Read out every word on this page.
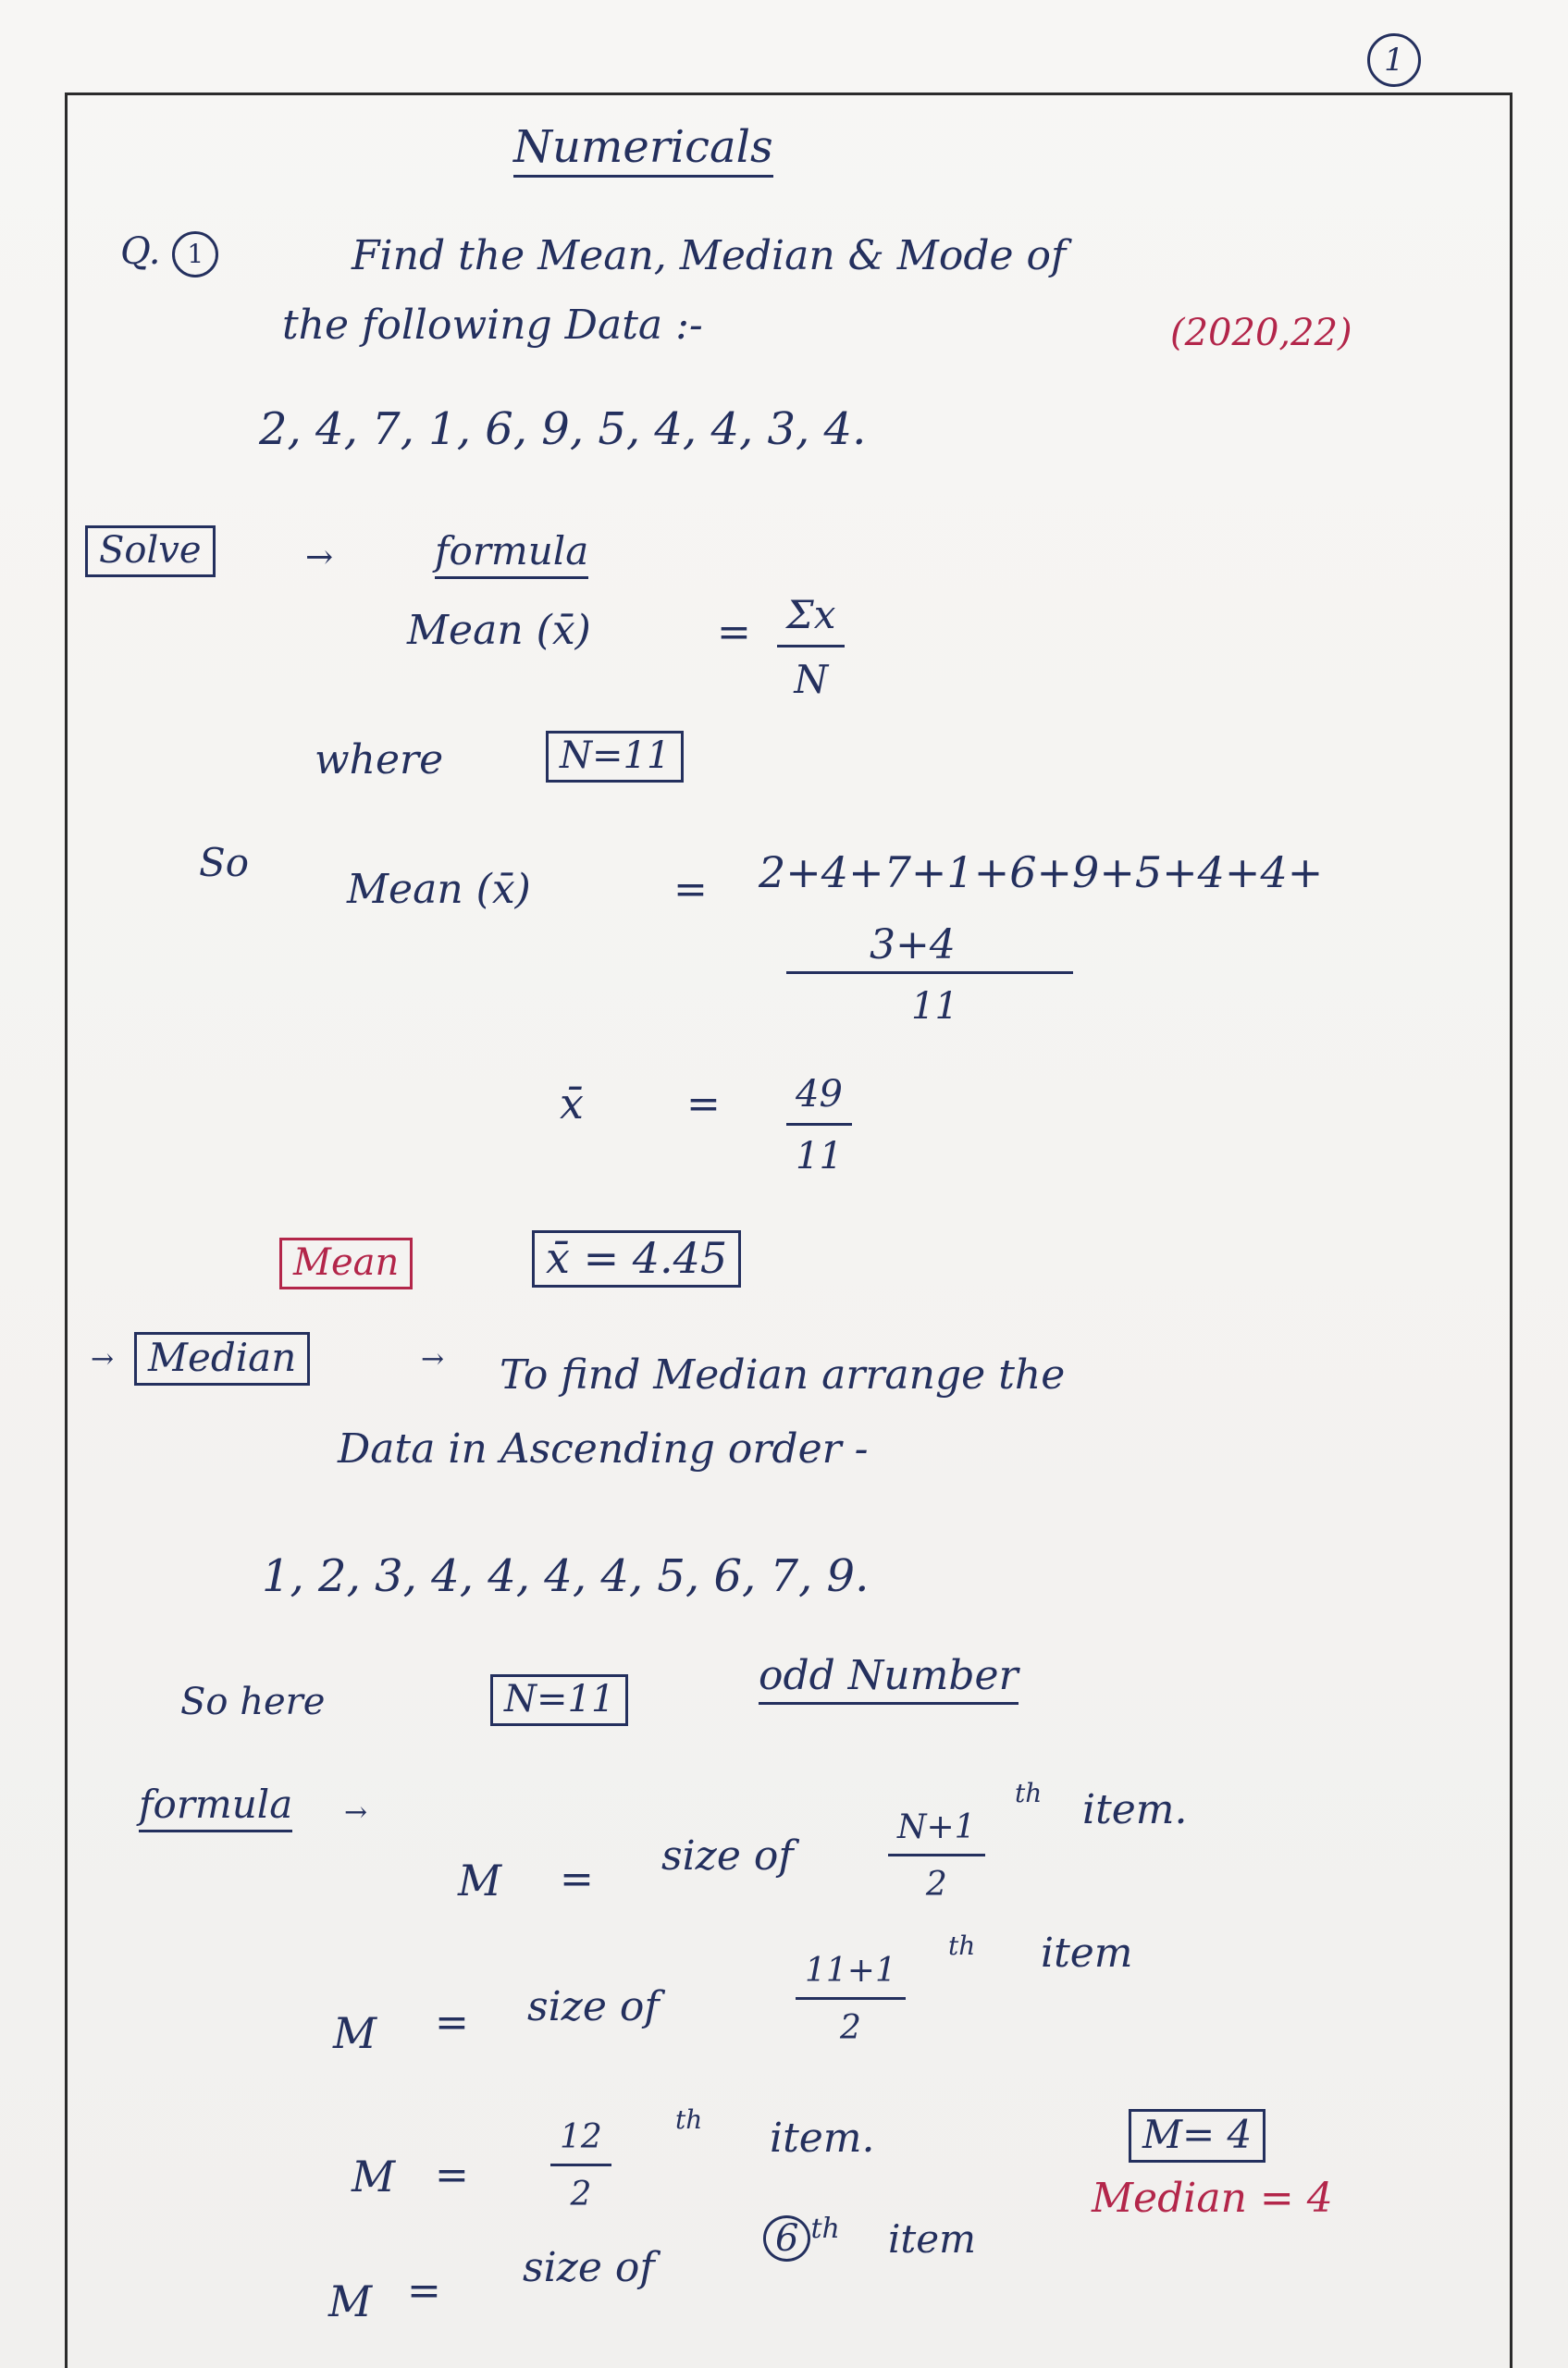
1
Numericals
Q. 1	Find the Mean, Median & Mode of
the following Data :-	(2020,22)
2, 4, 7, 1, 6, 9, 5, 4, 4, 3, 4.
Solve	→	formula
Mean (x̄)	= $\frac{\Sigma x}{N}$
where	N=11
So
Mean (x̄)	= 2+4+7+1+6+9+5+4+4+
3+4
11
x̄	= $\frac{49}{11}$
Mean	x̄ = 4.45
→ Median	→ To find Median arrange the
Data in Ascending order -
1, 2, 3, 4, 4, 4, 4, 5, 6, 7, 9.
So here	N=11	odd Number
formula →
M = size of	$\frac{N+1}{2}$
th item.
M = size of	$\frac{11+1}{2}$
th item
$M = \frac{12}{2}$ th item.
M = size of
6 $^{th}$ item
M= 4
Median = 4
